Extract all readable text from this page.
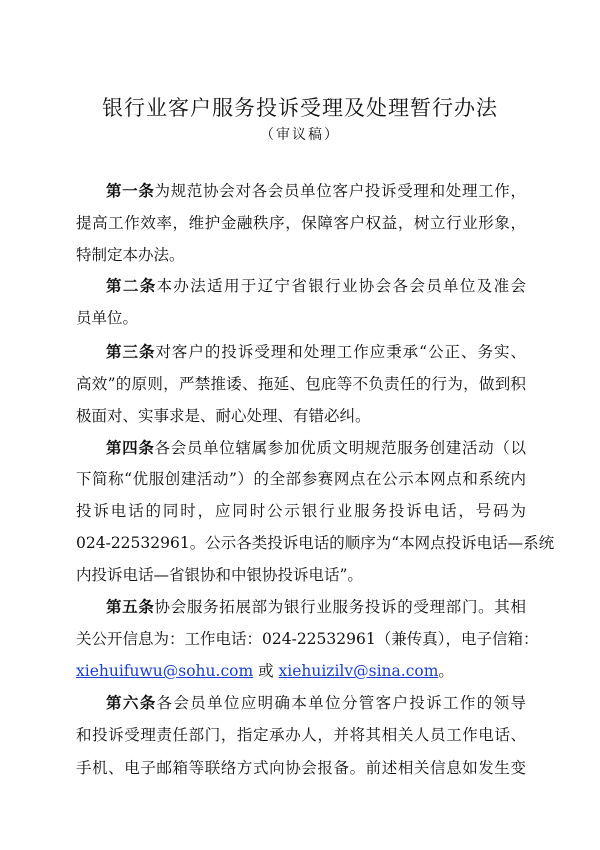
银行业客户服务投诉受理及处理暂行办法
（审议稿）
第一条为规范协会对各会员单位客户投诉受理和处理工作，
提高工作效率，维护金融秩序，保障客户权益，树立行业形象，
特制定本办法。
第二条本办法适用于辽宁省银行业协会各会员单位及准会
员单位。
第三条对客户的投诉受理和处理工作应秉承“公正、务实、
高效”的原则，严禁推诿、拖延、包庇等不负责任的行为，做到积
极面对、实事求是、耐心处理、有错必纠。
第四条各会员单位辖属参加优质文明规范服务创建活动（以
下简称“优服创建活动”）的全部参赛网点在公示本网点和系统内
投诉电话的同时，应同时公示银行业服务投诉电话，号码为
024-22532961。公示各类投诉电话的顺序为“本网点投诉电话—系统
内投诉电话—省银协和中银协投诉电话”。
第五条协会服务拓展部为银行业服务投诉的受理部门。其相
关公开信息为：工作电话：024-22532961（兼传真），电子信箱：
xiehuifuwu@sohu.com 或 xiehuizilv@sina.com。
第六条各会员单位应明确本单位分管客户投诉工作的领导
和投诉受理责任部门，指定承办人，并将其相关人员工作电话、
手机、电子邮箱等联络方式向协会报备。前述相关信息如发生变
